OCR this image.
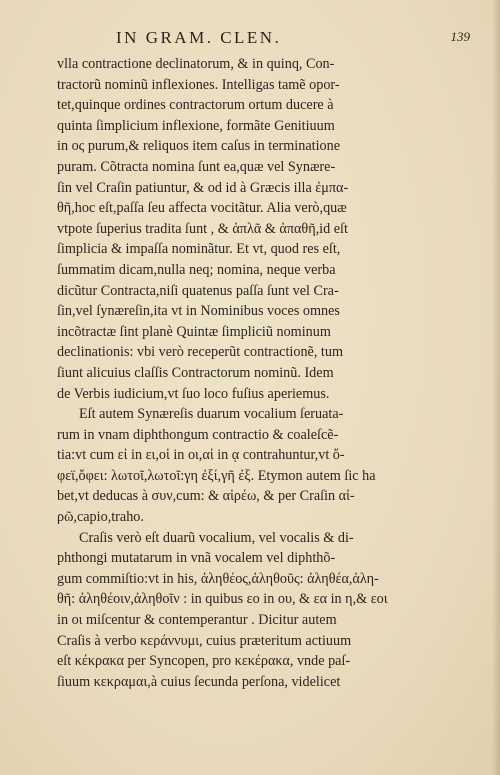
IN GRAM. CLEN.	139
vlla contractione declinatorum, & in quinq, Con-
tractorũ nominũ inflexiones. Intelligas tamẽ opor-
tet,quinque ordines contractorum ortum ducere à
quinta ſimplicium inflexione, formãte Genitiuum
in ος purum,& reliquos item caſus in terminatione
puram. Cõtracta nomina ſunt ea,quæ vel Synære-
ſin vel Craſin patiuntur, & od id à Græcis illa ἐμπα-
θῆ,hoc eſt,paſſa ſeu affecta vocitãtur. Alia verò,quæ
vtpote ſuperius tradita ſunt , & ἁπλᾶ & ἀπαθῆ,id eſt
ſimplicia & impaſſa nominãtur. Et vt, quod res eſt,
ſummatim dicam,nulla neq; nomina, neque verba
dicũtur Contracta,niſi quatenus paſſa ſunt vel Cra-
ſin,vel ſynæreſin,ita vt in Nominibus voces omnes
incõtractæ ſint planè Quintæ ſimpliciũ nominum
declinationis: vbi verò receperũt contractionẽ, tum
ſiunt alicuius claſſis Contractorum nominũ. Idem
de Verbis iudicium,vt ſuo loco fuſius aperiemus.
Eſt autem Synæreſis duarum vocalium ſeruata-
rum in vnam diphthongum contractio & coaleſcẽ-
tia:vt cum εἰ in ει,οἱ in οι,αἱ in ᾳ contrahuntur,vt ὄ-
φεϊ,ὄφει: λωτοῖ,λωτοῖ:γη ἐξί,γῆ ἐξ. Etymon autem ſic ha
bet,vt deducas à συν,cum: & αἱρέω, & per Craſin αἱ-
ρῶ,capio,traho.
Craſis verò eſt duarũ vocalium, vel vocalis & di-
phthongi mutatarum in vnã vocalem vel diphthõ-
gum commiſtio:vt in his, ἀληθέος,ἀληθοῦς: ἀληθέα,ἀλη-
θῆ: ἀληθέοιν,ἀληθοῖν : in quibus εο in ου, & εα in η,& εοι
in οι miſcentur & contemperantur . Dicitur autem
Craſis à verbo κεράννυμι, cuius præteritum actiuum
eſt κέκρακα per Syncopen, pro κεκέρακα, vnde paſ-
ſiuum κεκραμαι,à cuius ſecunda perſona, videlicet
